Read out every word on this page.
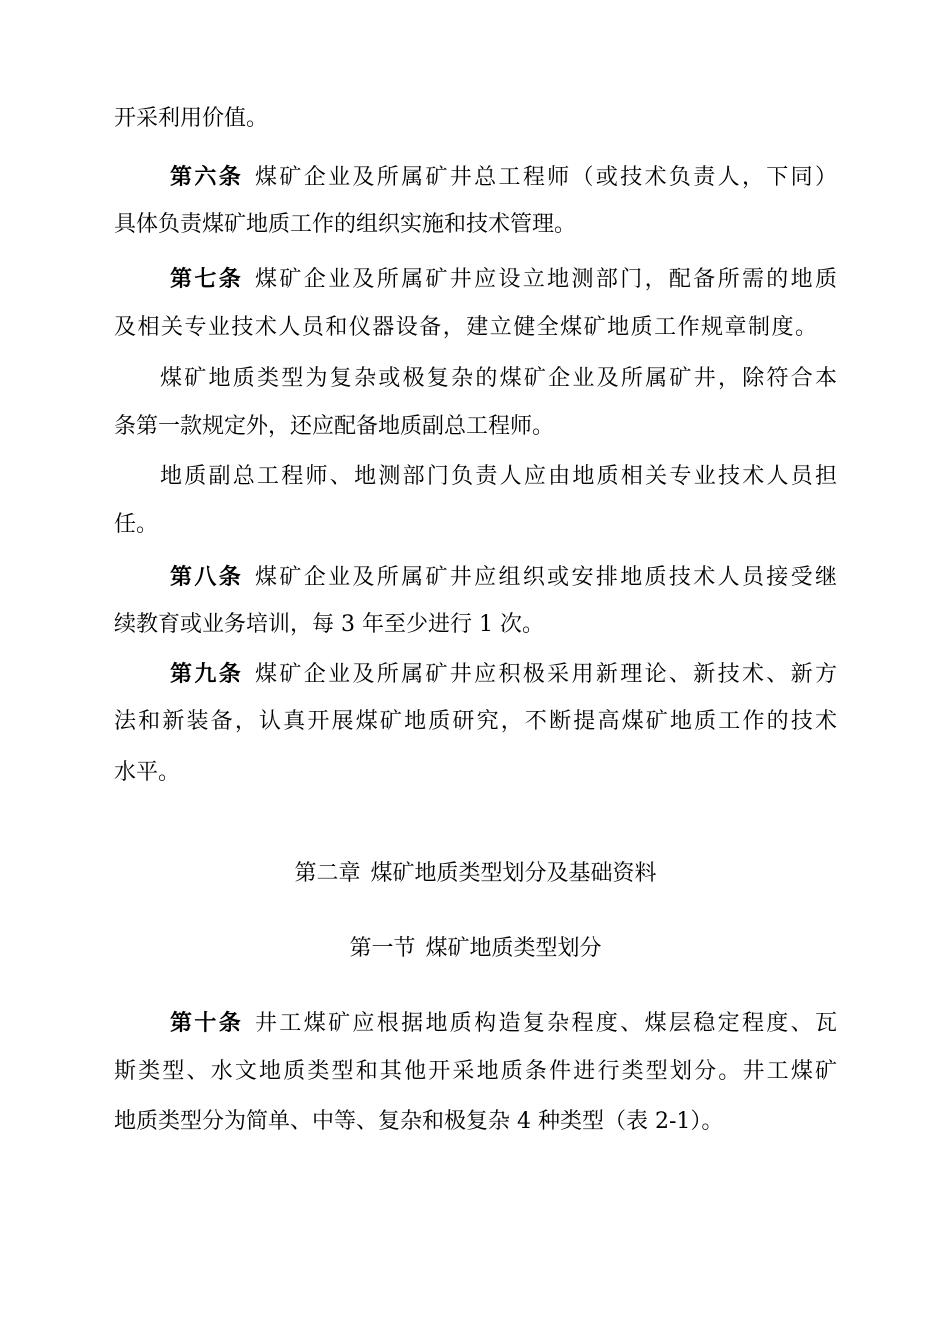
开采利用价值。
第六条 煤矿企业及所属矿井总工程师（或技术负责人，下同）
具体负责煤矿地质工作的组织实施和技术管理。
第七条 煤矿企业及所属矿井应设立地测部门，配备所需的地质
及相关专业技术人员和仪器设备，建立健全煤矿地质工作规章制度。
煤矿地质类型为复杂或极复杂的煤矿企业及所属矿井，除符合本
条第一款规定外，还应配备地质副总工程师。
地质副总工程师、地测部门负责人应由地质相关专业技术人员担
任。
第八条 煤矿企业及所属矿井应组织或安排地质技术人员接受继
续教育或业务培训，每 3 年至少进行 1 次。
第九条 煤矿企业及所属矿井应积极采用新理论、新技术、新方
法和新装备，认真开展煤矿地质研究，不断提高煤矿地质工作的技术
水平。
第二章 煤矿地质类型划分及基础资料
第一节 煤矿地质类型划分
第十条 井工煤矿应根据地质构造复杂程度、煤层稳定程度、瓦
斯类型、水文地质类型和其他开采地质条件进行类型划分。井工煤矿
地质类型分为简单、中等、复杂和极复杂 4 种类型（表 2-1）。
